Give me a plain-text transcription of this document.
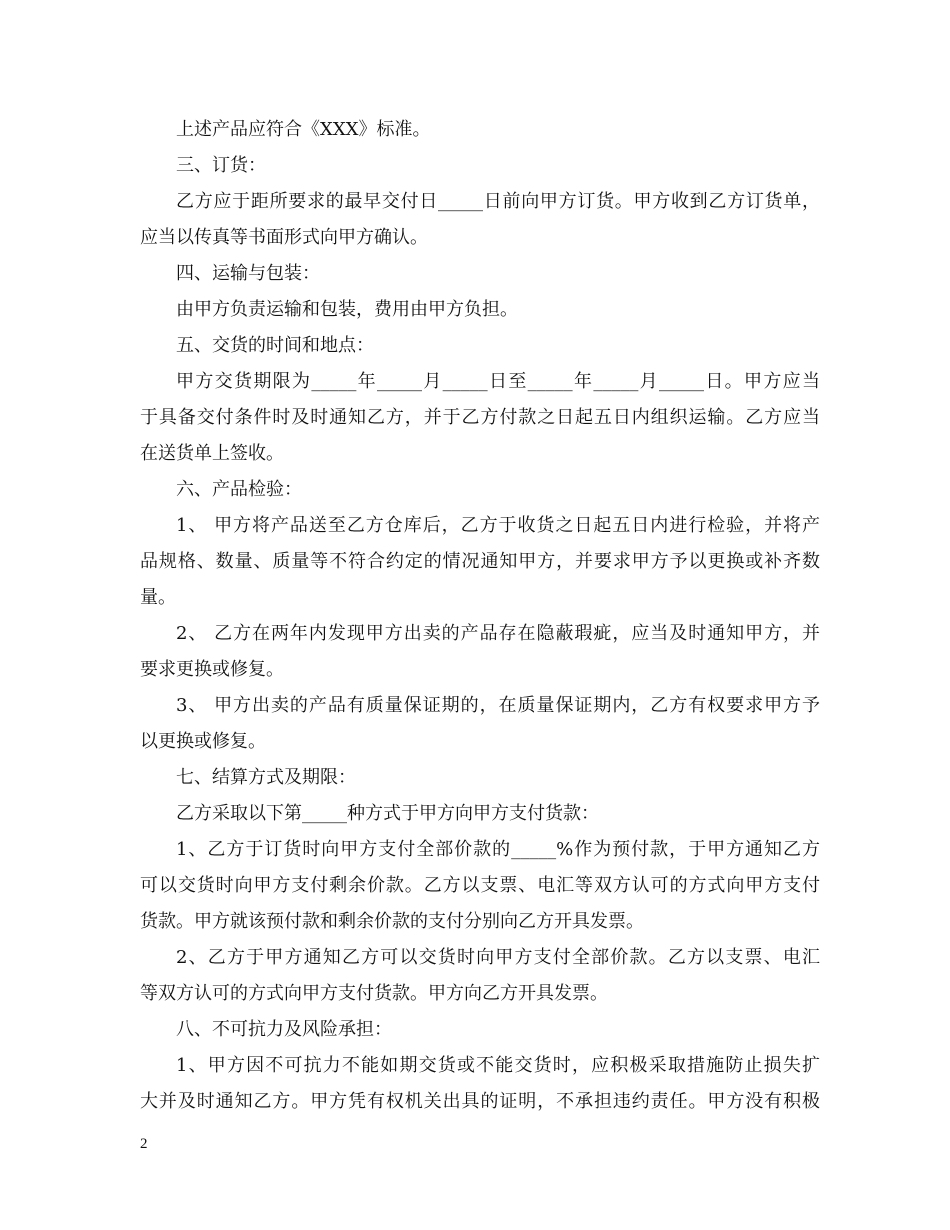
上述产品应符合《XXX》标准。
三、订货：
乙方应于距所要求的最早交付日_____日前向甲方订货。甲方收到乙方订货单，
应当以传真等书面形式向甲方确认。
四、运输与包装：
由甲方负责运输和包装，费用由甲方负担。
五、交货的时间和地点：
甲方交货期限为_____年_____月_____日至_____年_____月_____日。甲方应当
于具备交付条件时及时通知乙方，并于乙方付款之日起五日内组织运输。乙方应当
在送货单上签收。
六、产品检验：
1、 甲方将产品送至乙方仓库后，乙方于收货之日起五日内进行检验，并将产
品规格、数量、质量等不符合约定的情况通知甲方，并要求甲方予以更换或补齐数
量。
2、 乙方在两年内发现甲方出卖的产品存在隐蔽瑕疵，应当及时通知甲方，并
要求更换或修复。
3、 甲方出卖的产品有质量保证期的，在质量保证期内，乙方有权要求甲方予
以更换或修复。
七、结算方式及期限：
乙方采取以下第_____种方式于甲方向甲方支付货款：
1、乙方于订货时向甲方支付全部价款的_____%作为预付款，于甲方通知乙方
可以交货时向甲方支付剩余价款。乙方以支票、电汇等双方认可的方式向甲方支付
货款。甲方就该预付款和剩余价款的支付分别向乙方开具发票。
2、乙方于甲方通知乙方可以交货时向甲方支付全部价款。乙方以支票、电汇
等双方认可的方式向甲方支付货款。甲方向乙方开具发票。
八、不可抗力及风险承担：
1、甲方因不可抗力不能如期交货或不能交货时，应积极采取措施防止损失扩
大并及时通知乙方。甲方凭有权机关出具的证明，不承担违约责任。甲方没有积极
2
